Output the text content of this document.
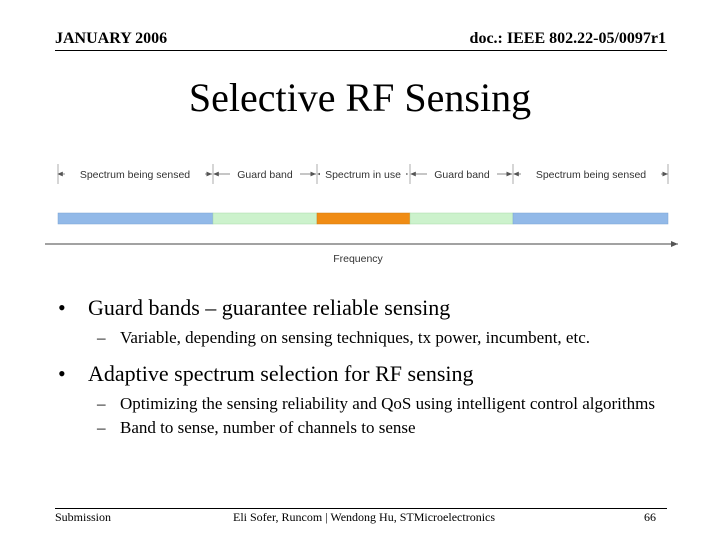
JANUARY 2006	doc.: IEEE 802.22-05/0097r1
Selective RF Sensing
Spectrum being sensed	Guard band	Spectrum in use	Guard band	Spectrum being sensed
Frequency
• Guard bands – guarantee reliable sensing
– Variable, depending on sensing techniques, tx power, incumbent, etc.
• Adaptive spectrum selection for RF sensing
– Optimizing the sensing reliability and QoS using intelligent control algorithms
– Band to sense, number of channels to sense
Submission	Eli Sofer, Runcom | Wendong Hu, STMicroelectronics	66
